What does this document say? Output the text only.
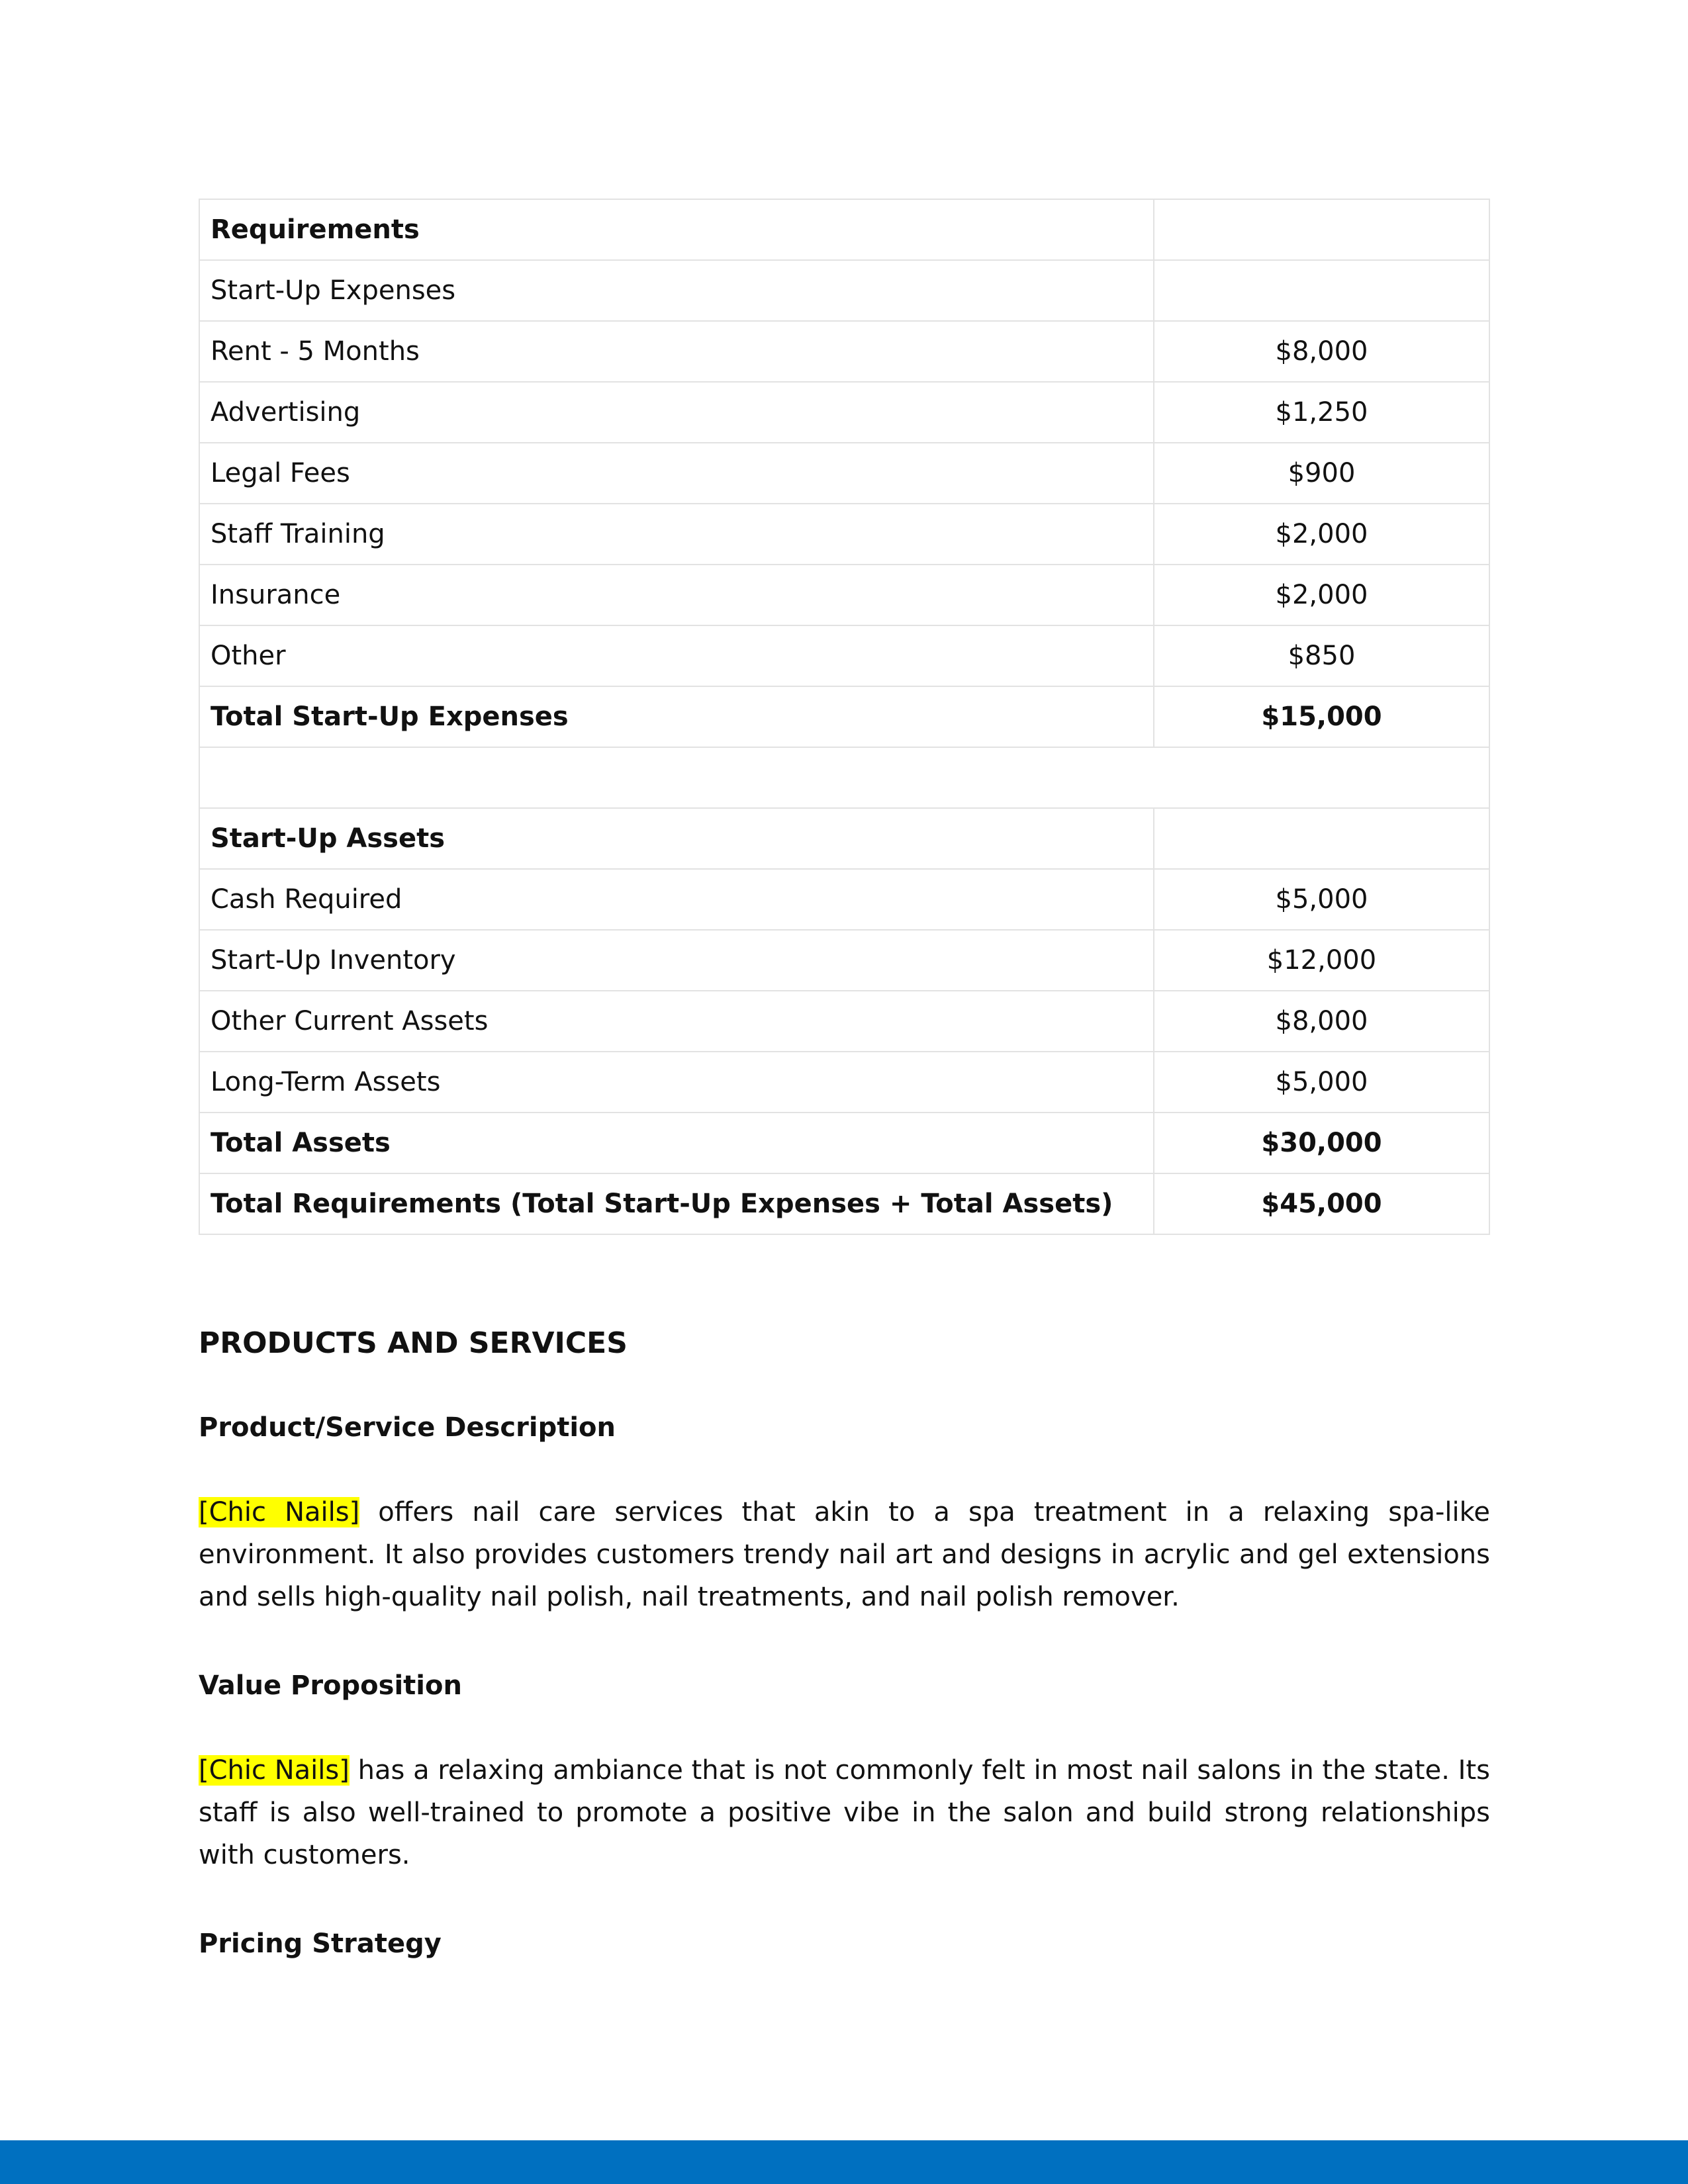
Requirements	
Start-Up Expenses	
Rent - 5 Months	$8,000
Advertising	$1,250
Legal Fees	$900
Staff Training	$2,000
Insurance	$2,000
Other	$850
Total Start-Up Expenses	$15,000

Start-Up Assets	
Cash Required	$5,000
Start-Up Inventory	$12,000
Other Current Assets	$8,000
Long-Term Assets	$5,000
Total Assets	$30,000
Total Requirements (Total Start-Up Expenses + Total Assets)	$45,000
PRODUCTS AND SERVICES
Product/Service Description
[Chic Nails] offers nail care services that akin to a spa treatment in a relaxing spa-like environment. It also provides customers trendy nail art and designs in acrylic and gel extensions and sells high-quality nail polish, nail treatments, and nail polish remover.
Value Proposition
[Chic Nails] has a relaxing ambiance that is not commonly felt in most nail salons in the state. Its staff is also well-trained to promote a positive vibe in the salon and build strong relationships with customers.
Pricing Strategy
